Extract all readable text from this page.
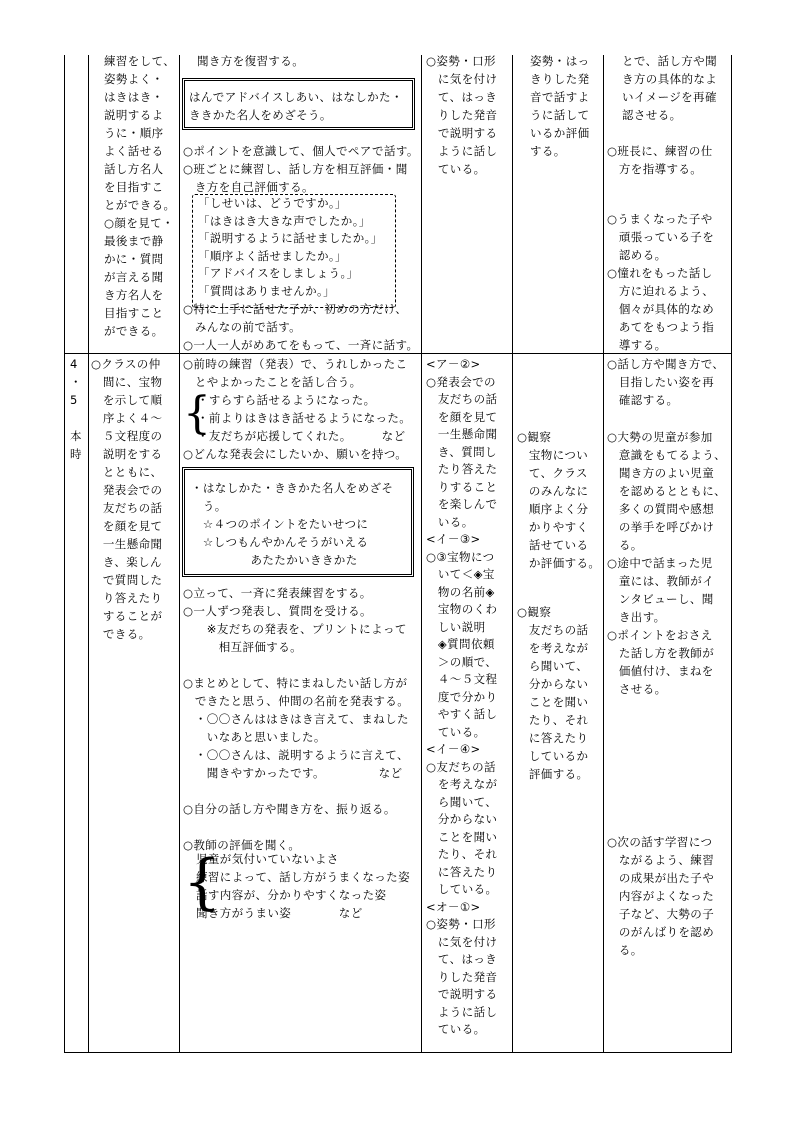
練習をして、
姿勢よく・
はきはき・
説明するよ
うに・順序
よく話せる
話し方名人
を目指すこ
とができる。
○顔を見て・
最後まで静
かに・質問
が言える聞
き方名人を
目指すこと
ができる。
聞き方を復習する。
はんでアドバイスしあい、はなしかた・
ききかた名人をめざそう。
○ポイントを意識して、個人でペアで話す。
○班ごとに練習し、話し方を相互評価・聞
　き方を自己評価する。
「しせいは、どうですか。」
「はきはき大きな声でしたか。」
「説明するように話せましたか。」
「順序よく話せましたか。」
「アドバイスをしましょう。」
「質問はありませんか。」
○特に上手に話せた子が、初めの方だけ、
　みんなの前で話す。
○一人一人がめあてをもって、一斉に話す。
○姿勢・口形
　に気を付け
　て、はっき
　りした発音
　で説明する
　ように話し
　ている。
姿勢・はっ
きりした発
音で話すよ
うに話して
いるか評価
する。
とで、話し方や聞
き方の具体的なよ
いイメージを再確
認させる。
○班長に、練習の仕
　方を指導する。
○うまくなった子や
　頑張っている子を
　認める。
○憧れをもった話し
　方に迫れるよう、
　個々が具体的なめ
　あてをもつよう指
　導する。
4
・
5
本
時
○クラスの仲
　間に、宝物
　を示して順
　序よく４～
　５文程度の
　説明をする
　とともに、
　発表会での
　友だちの話
　を顔を見て
　一生懸命聞
　き、楽しん
　で質問した
　り答えたり
　することが
　できる。
○前時の練習（発表）で、うれしかったこ
　とやよかったことを話し合う。
{
・すらすら話せるようになった。
・前よりはきはき話せるようになった。
・友だちが応援してくれた。　　　など
○どんな発表会にしたいか、願いを持つ。
・はなしかた・ききかた名人をめざそ
　う。
　☆４つのポイントをたいせつに
　☆しつもんやかんそうがいえる
　　　　　あたたかいききかた
○立って、一斉に発表練習をする。
○一人ずつ発表し、質問を受ける。
　　※友だちの発表を、プリントによって
　　　相互評価する。
○まとめとして、特にまねしたい話し方が
　できたと思う、仲間の名前を発表する。
　・〇〇さんははきはき言えて、まねした
　　いなあと思いました。
　・〇〇さんは、説明するように言えて、
　　聞きやすかったです。　　　　　など
○自分の話し方や聞き方を、振り返る。
○教師の評価を聞く。
{
児童が気付いていないよさ
練習によって、話し方がうまくなった姿
話す内容が、分かりやすくなった姿
聞き方がうまい姿　　　　など
<ア－②>
○発表会での
　友だちの話
　を顔を見て
　一生懸命聞
　き、質問し
　たり答えた
　りすること
　を楽しんで
　いる。
<イ－③>
○③宝物につ
　いて＜◈宝
　物の名前◈
　宝物のくわ
　しい説明
　◈質問依頼
　＞の順で、
　４～５文程
　度で分かり
　やすく話し
　ている。
<イ－④>
○友だちの話
　を考えなが
　ら聞いて、
　分からない
　ことを聞い
　たり、それ
　に答えたり
　している。
<オ－①>
○姿勢・口形
　に気を付け
　て、はっき
　りした発音
　で説明する
　ように話し
　ている。
○観察
　宝物につい
　て、クラス
　のみんなに
　順序よく分
　かりやすく
　話せている
　か評価する。
○観察
　友だちの話
　を考えなが
　ら聞いて、
　分からない
　ことを聞い
　たり、それ
　に答えたり
　しているか
　評価する。
○話し方や聞き方で、
　目指したい姿を再
　確認する。
○大勢の児童が参加
　意識をもてるよう、
　聞き方のよい児童
　を認めるとともに、
　多くの質問や感想
　の挙手を呼びかけ
　る。
○途中で話まった児
　童には、教師がイ
　ンタビューし、聞
　き出す。
○ポイントをおさえ
　た話し方を教師が
　価値付け、まねを
　させる。
○次の話す学習につ
　ながるよう、練習
　の成果が出た子や
　内容がよくなった
　子など、大勢の子
　のがんばりを認め
　る。
